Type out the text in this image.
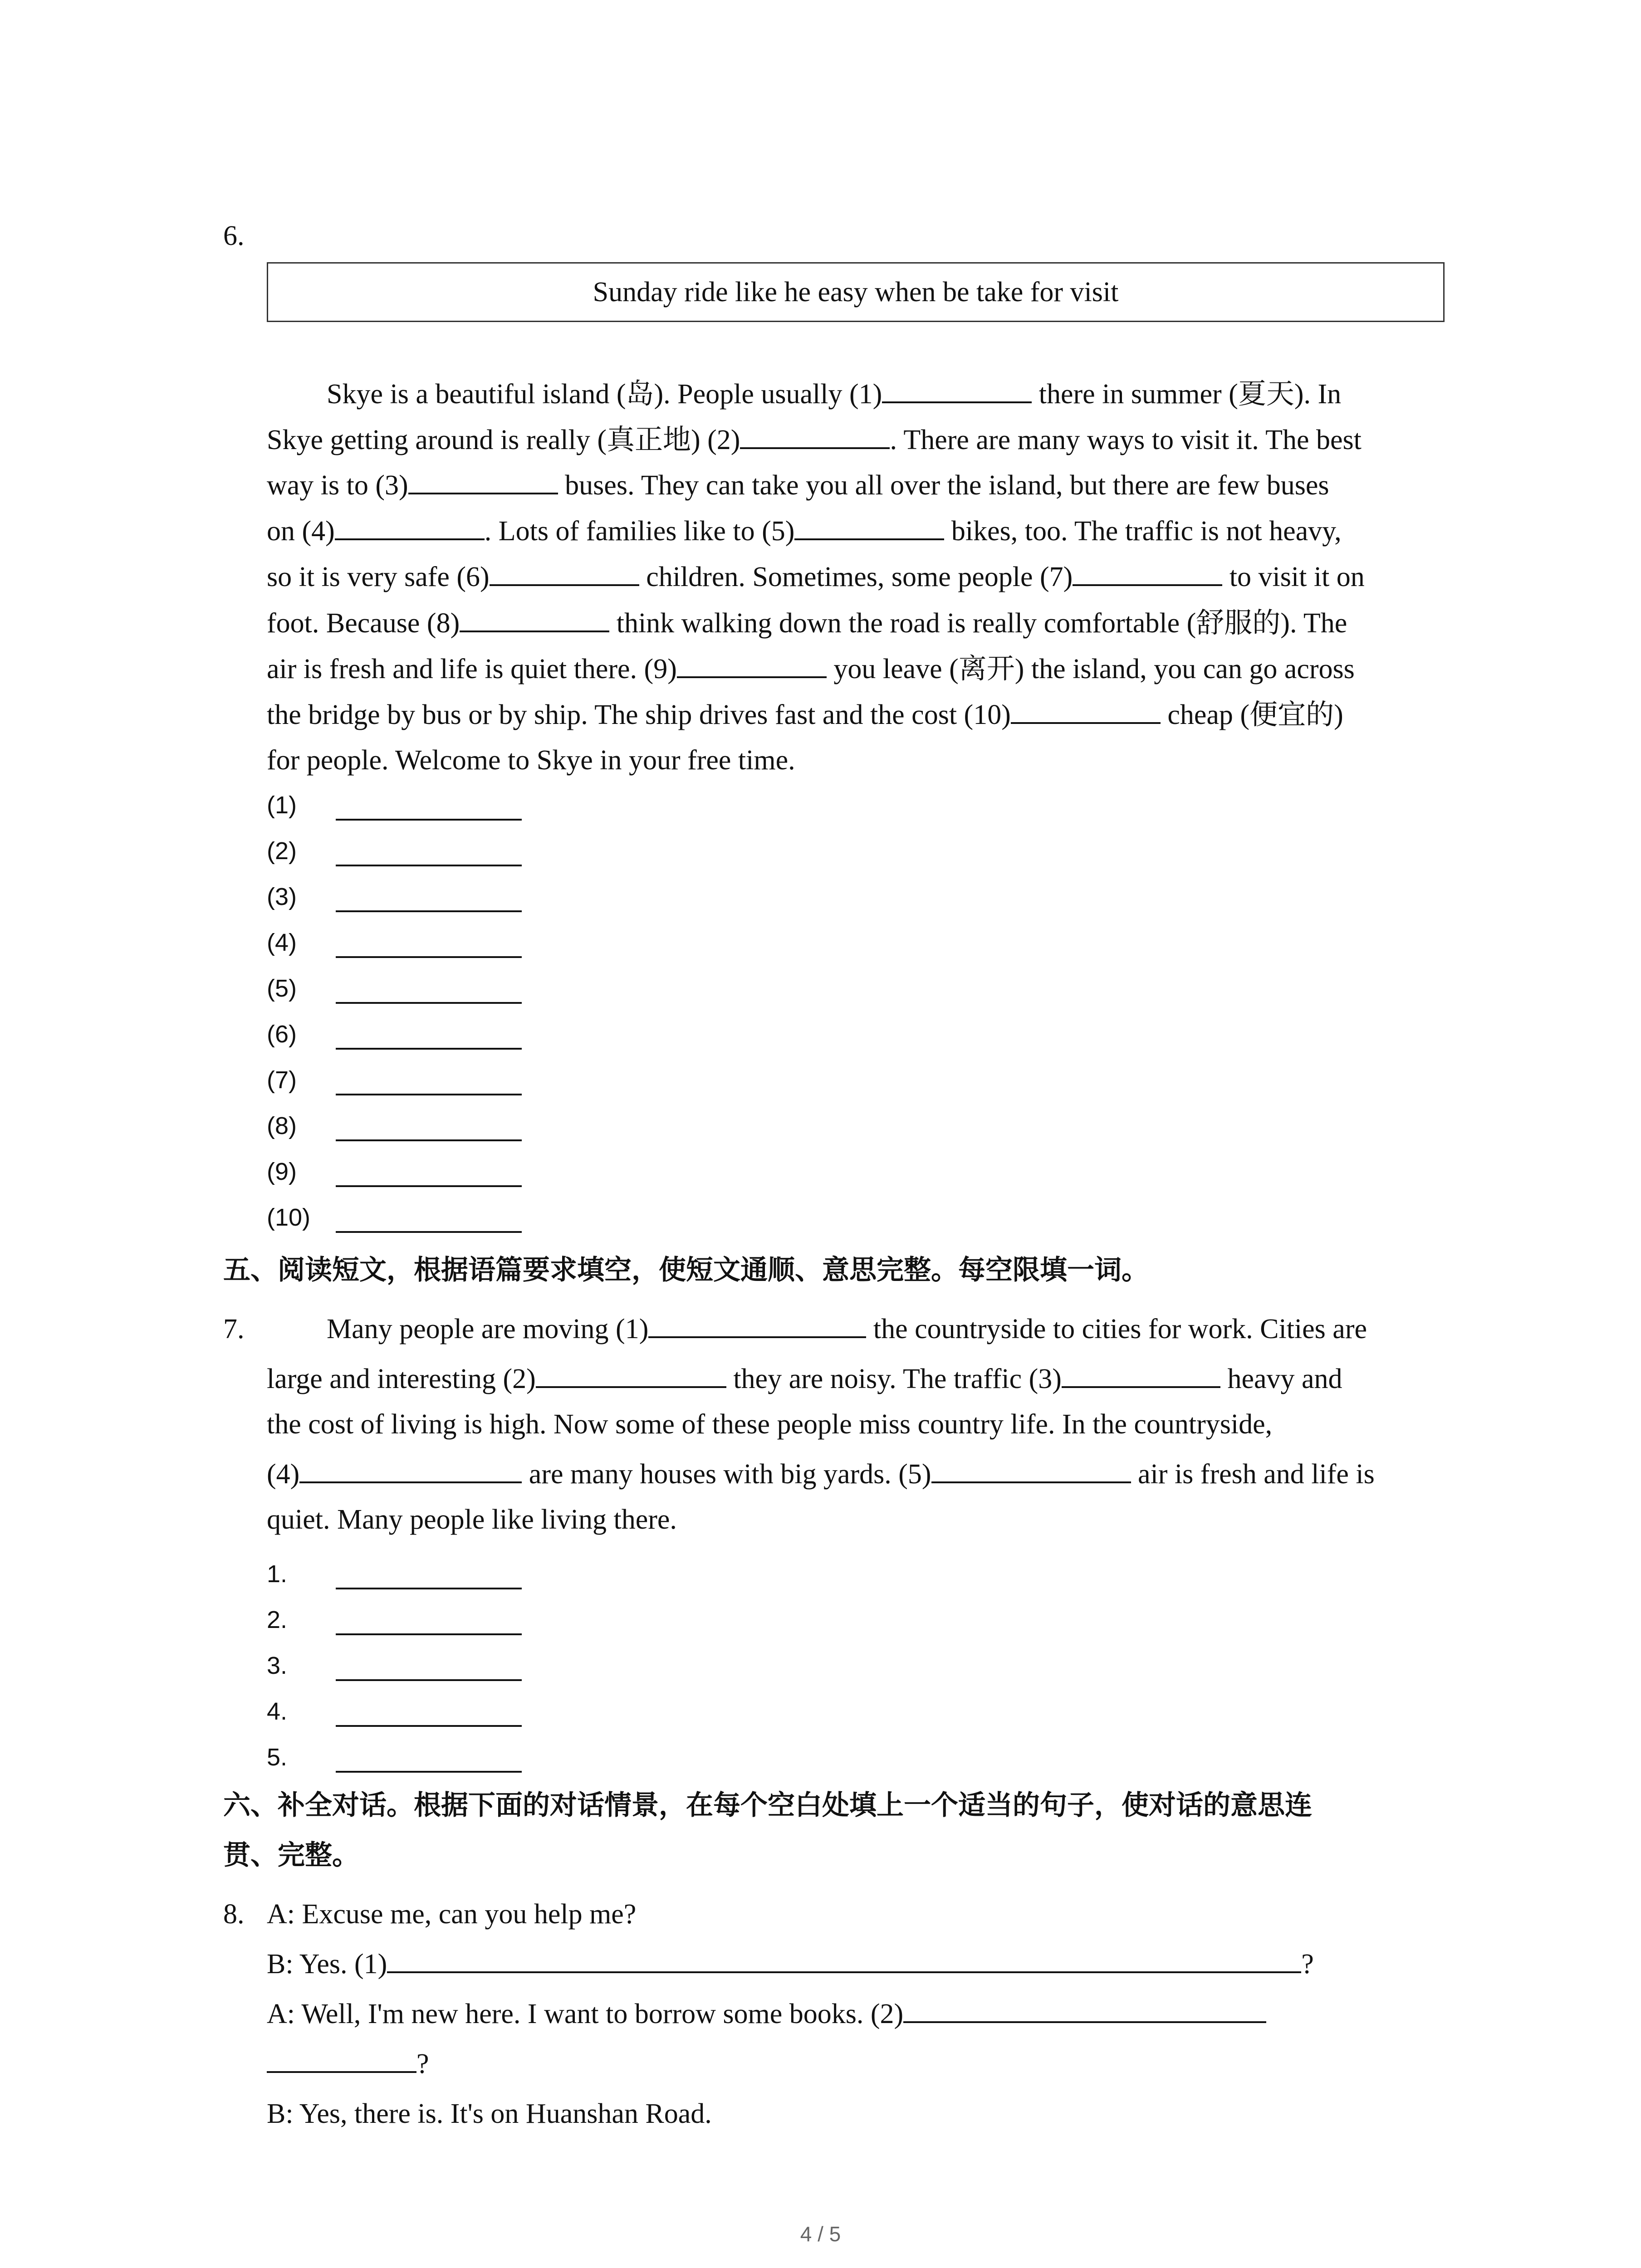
6.
Sunday ride like he easy when be take for visit
Skye is a beautiful island (岛). People usually (1)	there in summer (夏天). In
Skye getting around is really (真正地) (2)	. There are many ways to visit it. The best
way is to (3)	buses. They can take you all over the island, but there are few buses
on (4)	. Lots of families like to (5)	bikes, too. The traffic is not heavy,
so it is very safe (6)	children. Sometimes, some people (7)	to visit it on
foot. Because (8)	think walking down the road is really comfortable (舒服的). The
air is fresh and life is quiet there. (9)	you leave (离开) the island, you can go across
the bridge by bus or by ship. The ship drives fast and the cost (10)	cheap (便宜的)
for people. Welcome to Skye in your free time.
(1)
(2)
(3)
(4)
(5)
(6)
(7)
(8)
(9)
(10)
五、阅读短文，根据语篇要求填空，使短文通顺、意思完整。每空限填一词。
7.	Many people are moving (1)	the countryside to cities for work. Cities are
large and interesting (2)	they are noisy. The traffic (3)	heavy and
the cost of living is high. Now some of these people miss country life. In the countryside,
(4)	are many houses with big yards. (5)	air is fresh and life is
quiet. Many people like living there.
1.
2.
3.
4.
5.
六、补全对话。根据下面的对话情景，在每个空白处填上一个适当的句子，使对话的意思连
贯、完整。
8. A: Excuse me, can you help me?
B: Yes. (1)	?
A: Well, I'm new here. I want to borrow some books. (2)
?
B: Yes, there is. It's on Huanshan Road.
4 / 5
